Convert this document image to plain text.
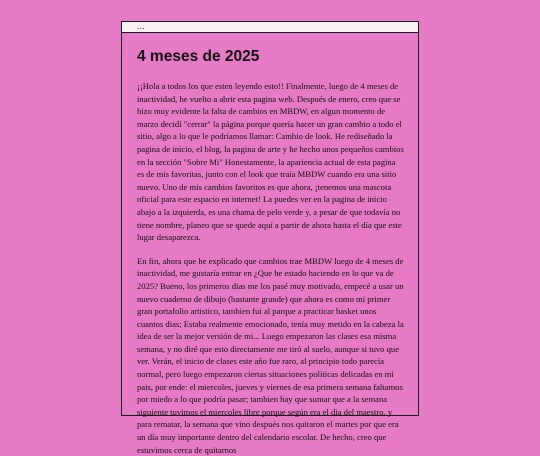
...
4 meses de 2025

¡¡Hola a todos los que esten leyendo esto!! Finalmente, luego de 4 meses de inactividad, he vuelto a abrir esta pagina web. Después de enero, creo que se hizo muy evidente la falta de cambios en MBDW, en algun momento de marzo decidí "cerrar" la página porque quería hacer un gran cambio a todo el sitio, algo a lo que le podríamos llamar: Cambio de look. He rediseñado la pagina de inicio, el blog, la pagina de arte y he hecho unos pequeños cambios en la sección "Sobre Mi" Honestamente, la apariencia actual de esta pagina es de mis favoritas, junto con el look que traía MBDW cuando era una sitio nuevo. Uno de mis cambios favoritos es que ahora, ¡tenemos una mascota oficial para este espacio en internet! La puedes ver en la pagina de inicio abajo a la izquierda, es una chama de pelo verde y, a pesar de que todavía no tiene nombre, planeo que se quede aquí a partir de ahora hasta el día que este lugar desaparezca.

En fin, ahora que he explicado que cambios trae MBDW luego de 4 meses de inactividad, me gustaría entrar en ¿Que he estado haciendo en lo que va de 2025? Bueno, los primeros dias me los pasé muy motivado, empecé a usar un nuevo cuaderno de dibujo (bastante grande) que ahora es como mi primer gran portafolio artistico, tambien fui al parque a practicar basket unos cuantos dias; Estaba realmente emocionado, tenía muy metido en la cabeza la idea de ser la mejor versión de mi... Luego empezaron las clases esa misma semana, y no diré que esto directamente me tiró al suelo, aunque si tuvo que ver. Verán, el inicio de clases este año fue raro, al principio todo parecía normal, pero luego empezaron ciertas situaciones políticas delicadas en mi pais, por ende: el miercoles, jueves y viernes de esa primera semana faltamos por miedo a lo que podría pasar; tambien hay que sumar que a la semana siguiente tuvimos el miercoles libre porque según era el dia del maestro, y para rematar, la semana que vino después nos quitaron el martes por que era un día muy importante dentro del calendario escolar. De hecho, creo que estuvimos cerca de quitarnos
